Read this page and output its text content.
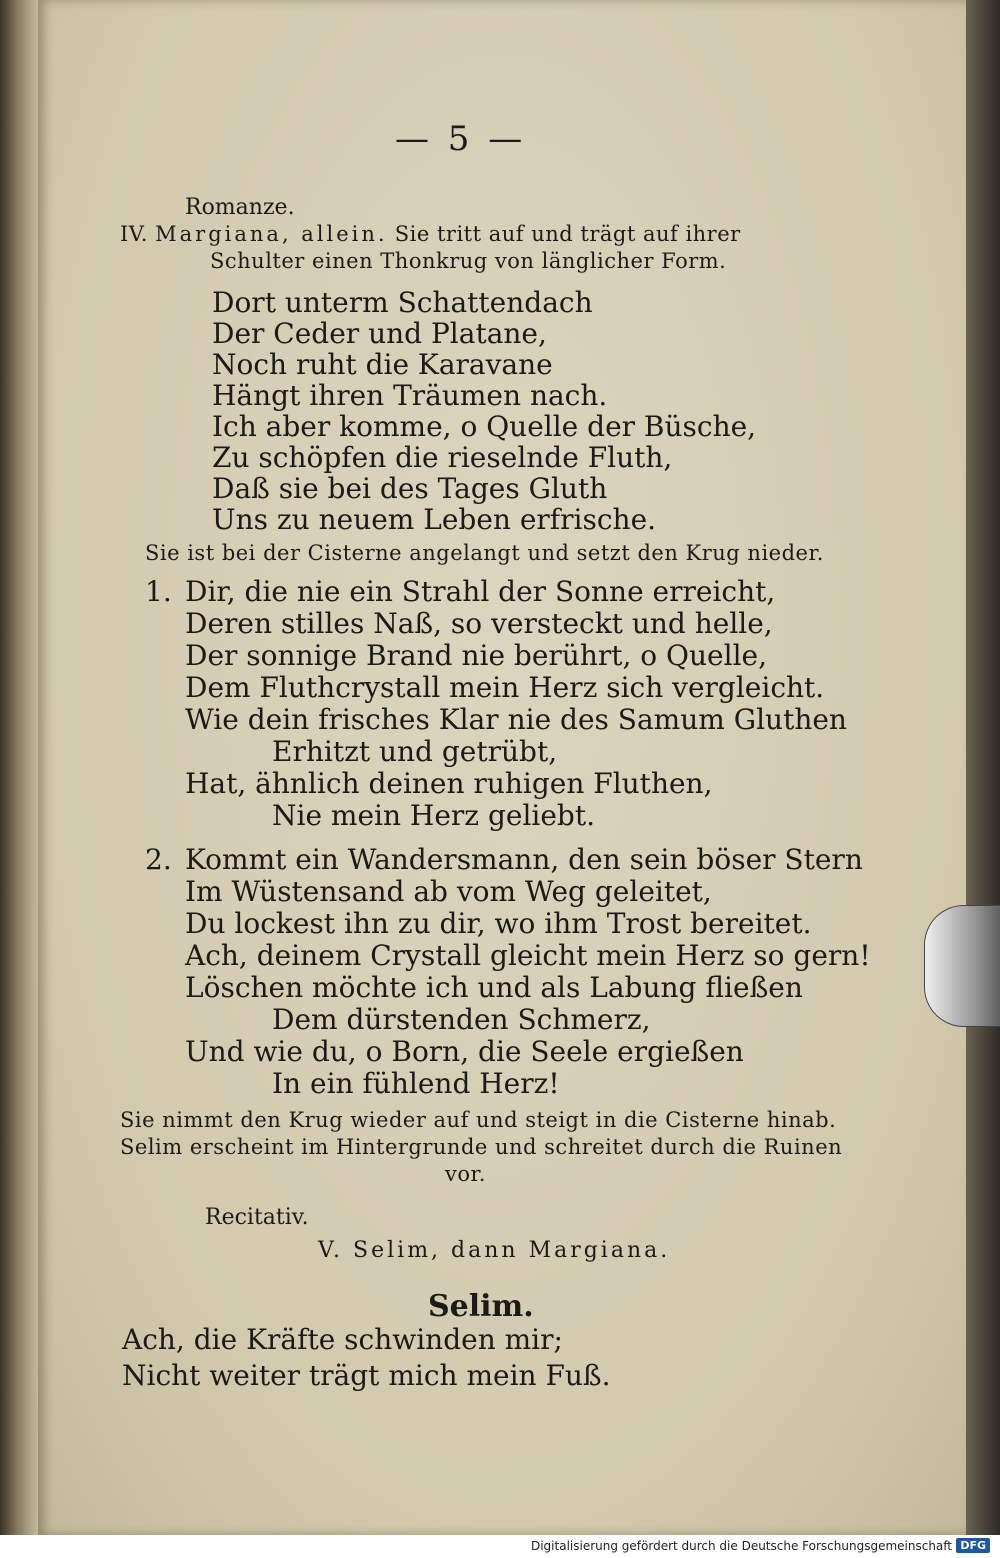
— 5 —
Romanze.
IV. Margiana, allein. Sie tritt auf und trägt auf ihrer
Schulter einen Thonkrug von länglicher Form.
Dort unterm Schattendach
Der Ceder und Platane,
Noch ruht die Karavane
Hängt ihren Träumen nach.
Ich aber komme, o Quelle der Büsche,
Zu schöpfen die rieselnde Fluth,
Daß sie bei des Tages Gluth
Uns zu neuem Leben erfrische.
Sie ist bei der Cisterne angelangt und setzt den Krug nieder.
1. Dir, die nie ein Strahl der Sonne erreicht,
Deren stilles Naß, so versteckt und helle,
Der sonnige Brand nie berührt, o Quelle,
Dem Fluthcrystall mein Herz sich vergleicht.
Wie dein frisches Klar nie des Samum Gluthen
Erhitzt und getrübt,
Hat, ähnlich deinen ruhigen Fluthen,
Nie mein Herz geliebt.
2. Kommt ein Wandersmann, den sein böser Stern
Im Wüstensand ab vom Weg geleitet,
Du lockest ihn zu dir, wo ihm Trost bereitet.
Ach, deinem Crystall gleicht mein Herz so gern!
Löschen möchte ich und als Labung fließen
Dem dürstenden Schmerz,
Und wie du, o Born, die Seele ergießen
In ein fühlend Herz!
Sie nimmt den Krug wieder auf und steigt in die Cisterne hinab.
Selim erscheint im Hintergrunde und schreitet durch die Ruinen
vor.
Recitativ.
V. Selim, dann Margiana.
Selim.
Ach, die Kräfte schwinden mir;
Nicht weiter trägt mich mein Fuß.
Digitalisierung gefördert durch die Deutsche Forschungsgemeinschaft DFG
